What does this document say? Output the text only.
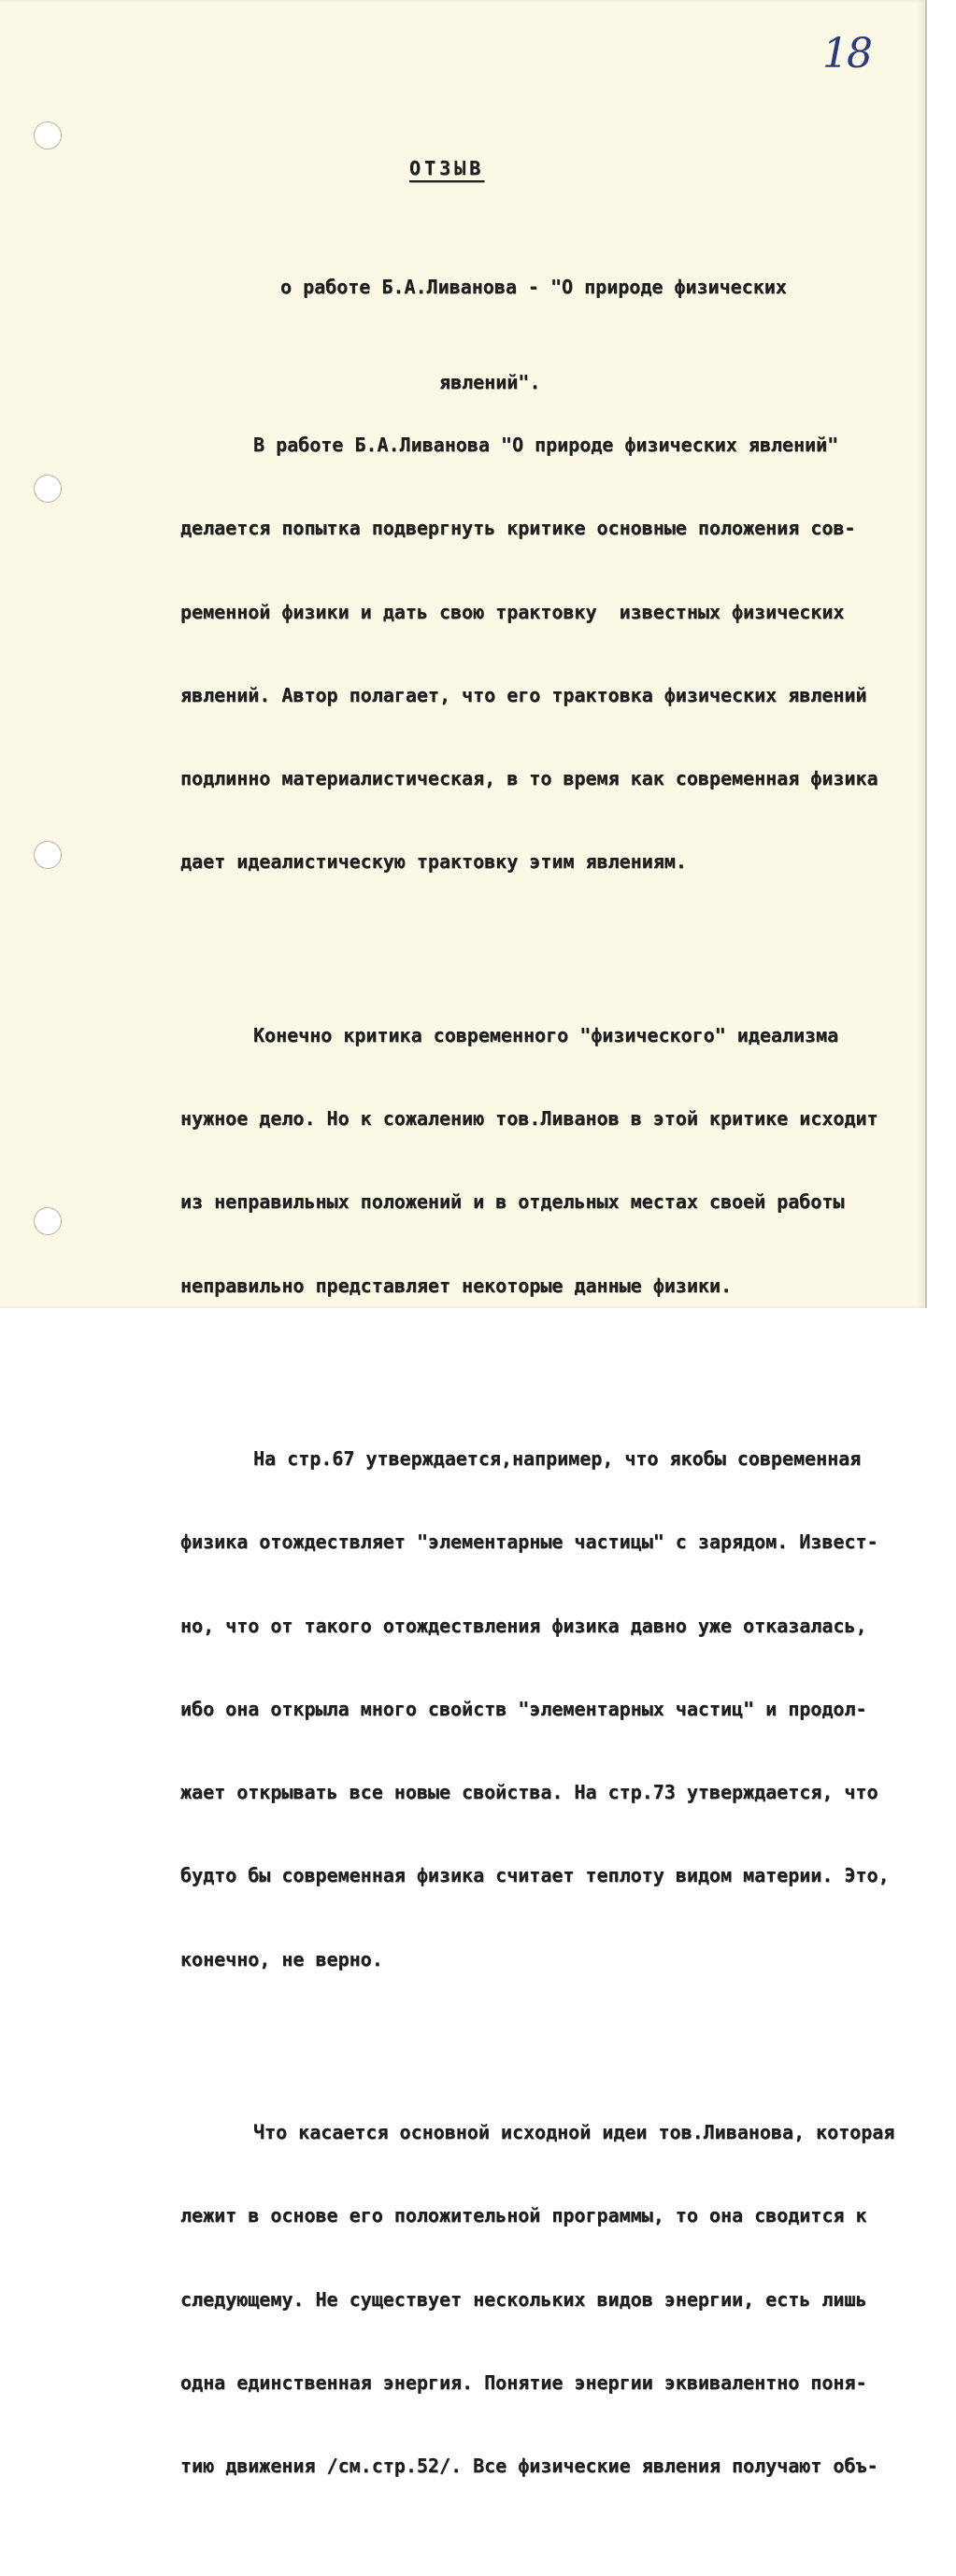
18
ОТЗЫВ

о работе Б.А.Ливанова - "О природе физических

явлений".

В работе Б.А.Ливанова "О природе физических явлений"

делается попытка подвергнуть критике основные положения сов-

ременной физики и дать свою трактовку  известных физических

явлений. Автор полагает, что его трактовка физических явлений

подлинно материалистическая, в то время как современная физика

дает идеалистическую трактовку этим явлениям.

Конечно критика современного "физического" идеализма

нужное дело. Но к сожалению тов.Ливанов в этой критике исходит

из неправильных положений и в отдельных местах своей работы

неправильно представляет некоторые данные физики.

На стр.67 утверждается,например, что якобы современная

физика отождествляет "элементарные частицы" с зарядом. Извест-

но, что от такого отождествления физика давно уже отказалась,

ибо она открыла много свойств "элементарных частиц" и продол-

жает открывать все новые свойства. На стр.73 утверждается, что

будто бы современная физика считает теплоту видом материи. Это,

конечно, не верно.

Что касается основной исходной идеи тов.Ливанова, которая

лежит в основе его положительной программы, то она сводится к

следующему. Не существует нескольких видов энергии, есть лишь

одна единственная энергия. Понятие энергии эквивалентно поня-

тию движения /см.стр.52/. Все физические явления получают объ-
